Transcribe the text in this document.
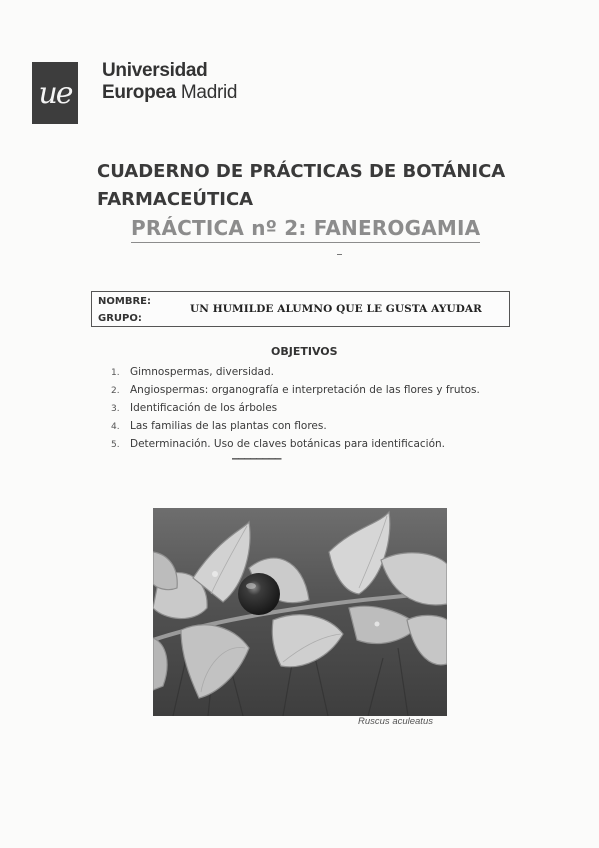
ue
Universidad
Europea Madrid
CUADERNO DE PRÁCTICAS DE BOTÁNICA
FARMACEÚTICA
PRÁCTICA nº 2: FANEROGAMIA
NOMBRE:
GRUPO:
UN HUMILDE ALUMNO QUE LE GUSTA AYUDAR
OBJETIVOS
1. Gimnospermas, diversidad.
2. Angiospermas: organografía e interpretación de las flores y frutos.
3. Identificación de los árboles
4. Las familias de las plantas con flores.
5. Determinación. Uso de claves botánicas para identificación.
————————
Ruscus aculeatus
